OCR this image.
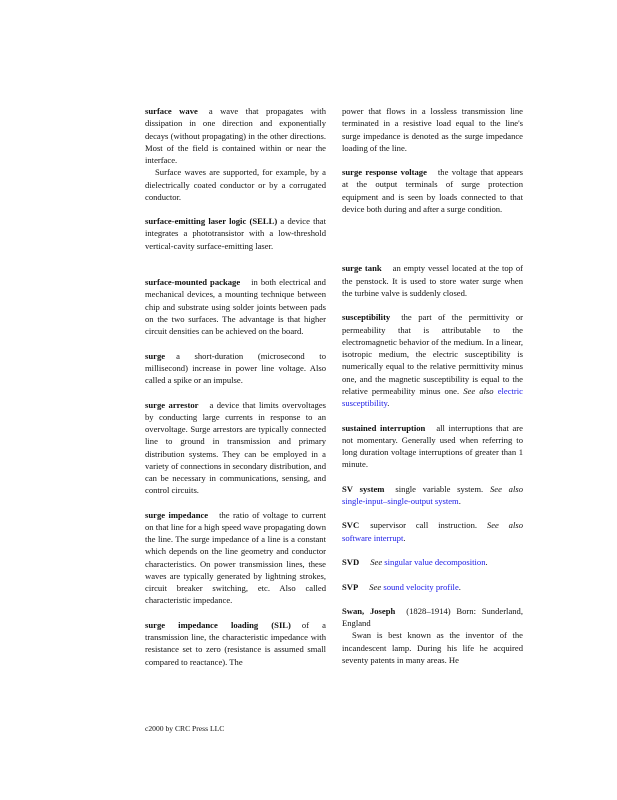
surface wave a wave that propagates with dissipation in one direction and exponentially decays (without propagating) in the other directions. Most of the field is contained within or near the interface.

Surface waves are supported, for example, by a dielectrically coated conductor or by a corrugated conductor.

surface-emitting laser logic (SELL) a device that integrates a phototransistor with a low-threshold vertical-cavity surface-emitting laser.

surface-mounted package in both electrical and mechanical devices, a mounting technique between chip and substrate using solder joints between pads on the two surfaces. The advantage is that higher circuit densities can be achieved on the board.

surge a short-duration (microsecond to millisecond) increase in power line voltage. Also called a spike or an impulse.

surge arrestor a device that limits overvoltages by conducting large currents in response to an overvoltage. Surge arrestors are typically connected line to ground in transmission and primary distribution systems. They can be employed in a variety of connections in secondary distribution, and can be necessary in communications, sensing, and control circuits.

surge impedance the ratio of voltage to current on that line for a high speed wave propagating down the line. The surge impedance of a line is a constant which depends on the line geometry and conductor characteristics. On power transmission lines, these waves are typically generated by lightning strokes, circuit breaker switching, etc. Also called characteristic impedance.

surge impedance loading (SIL) of a transmission line, the characteristic impedance with resistance set to zero (resistance is assumed small compared to reactance). The

power that flows in a lossless transmission line terminated in a resistive load equal to the line's surge impedance is denoted as the surge impedance loading of the line.

surge response voltage the voltage that appears at the output terminals of surge protection equipment and is seen by loads connected to that device both during and after a surge condition.

surge tank an empty vessel located at the top of the penstock. It is used to store water surge when the turbine valve is suddenly closed.

susceptibility the part of the permittivity or permeability that is attributable to the electromagnetic behavior of the medium. In a linear, isotropic medium, the electric susceptibility is numerically equal to the relative permittivity minus one, and the magnetic susceptibility is equal to the relative permeability minus one. See also electric susceptibility.

sustained interruption all interruptions that are not momentary. Generally used when referring to long duration voltage interruptions of greater than 1 minute.

SV system single variable system. See also single-input–single-output system.

SVC supervisor call instruction. See also software interrupt.

SVD See singular value decomposition.

SVP See sound velocity profile.

Swan, Joseph (1828–1914) Born: Sunderland, England

Swan is best known as the inventor of the incandescent lamp. During his life he acquired seventy patents in many areas. He

c2000 by CRC Press LLC
